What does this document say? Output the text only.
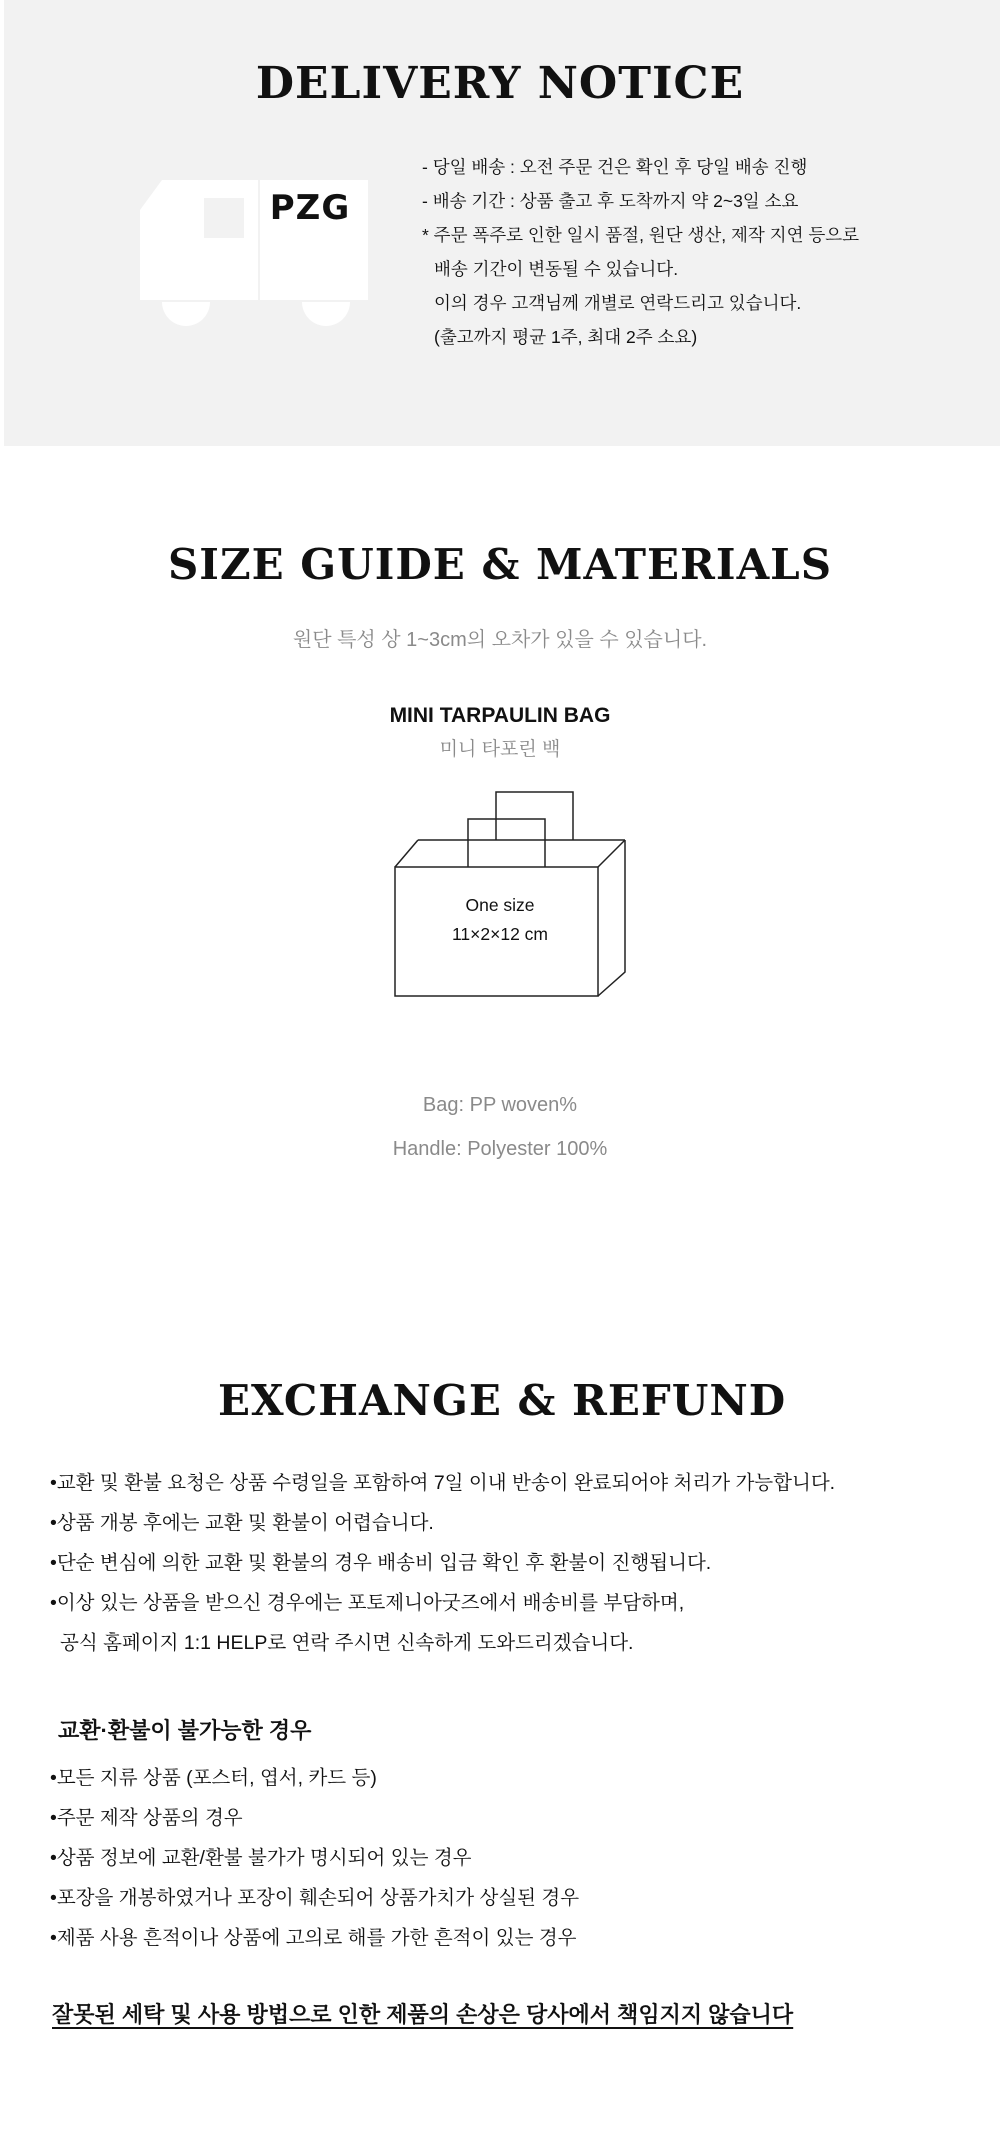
DELIVERY NOTICE
PZG
- 당일 배송 : 오전 주문 건은 확인 후 당일 배송 진행
- 배송 기간 : 상품 출고 후 도착까지 약 2~3일 소요
* 주문 폭주로 인한 일시 품절, 원단 생산, 제작 지연 등으로
배송 기간이 변동될 수 있습니다.
이의 경우 고객님께 개별로 연락드리고 있습니다.
(출고까지 평균 1주, 최대 2주 소요)
SIZE GUIDE & MATERIALS
원단 특성 상 1~3cm의 오차가 있을 수 있습니다.
MINI TARPAULIN BAG
미니 타포린 백
One size
11×2×12 cm
Bag: PP woven%
Handle: Polyester 100%
EXCHANGE & REFUND
•교환 및 환불 요청은 상품 수령일을 포함하여 7일 이내 반송이 완료되어야 처리가 가능합니다.
•상품 개봉 후에는 교환 및 환불이 어렵습니다.
•단순 변심에 의한 교환 및 환불의 경우 배송비 입금 확인 후 환불이 진행됩니다.
•이상 있는 상품을 받으신 경우에는 포토제니아굿즈에서 배송비를 부담하며,
공식 홈페이지 1:1 HELP로 연락 주시면 신속하게 도와드리겠습니다.
교환·환불이 불가능한 경우
•모든 지류 상품 (포스터, 엽서, 카드 등)
•주문 제작 상품의 경우
•상품 정보에 교환/환불 불가가 명시되어 있는 경우
•포장을 개봉하였거나 포장이 훼손되어 상품가치가 상실된 경우
•제품 사용 흔적이나 상품에 고의로 해를 가한 흔적이 있는 경우
잘못된 세탁 및 사용 방법으로 인한 제품의 손상은 당사에서 책임지지 않습니다
